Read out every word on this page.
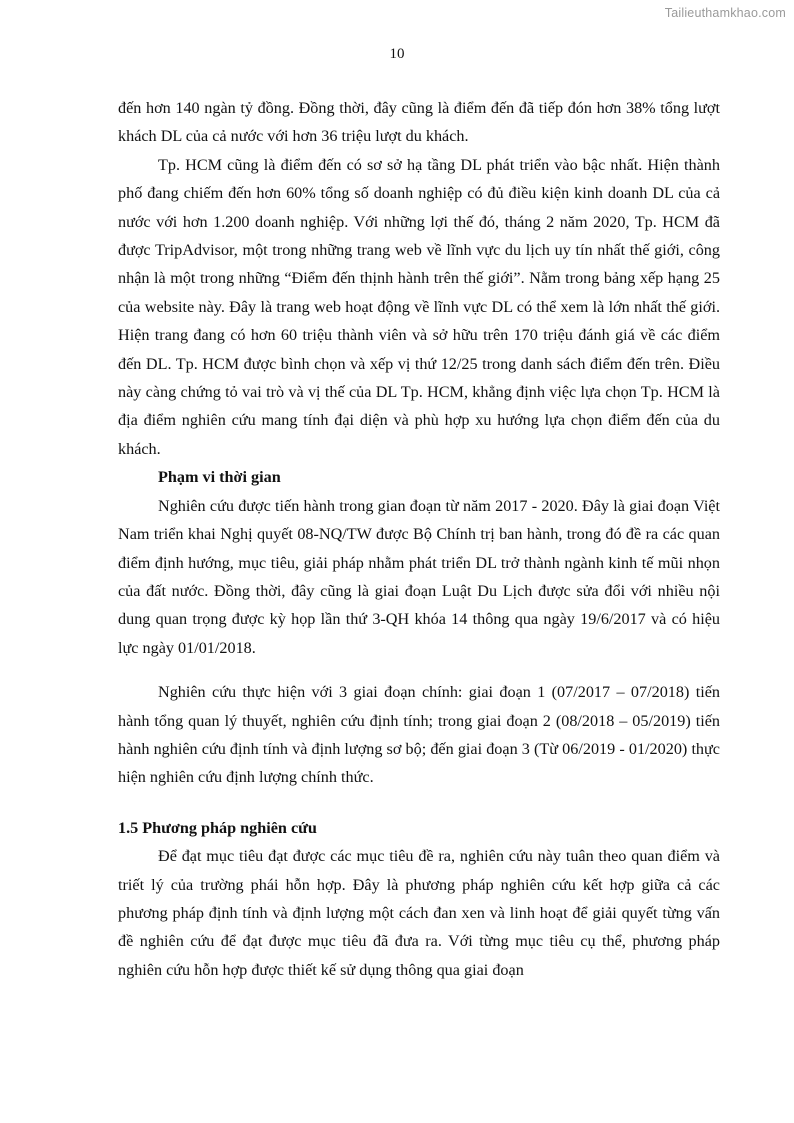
Tailieuthamkhao.com
10

đến hơn 140 ngàn tỷ đồng. Đồng thời, đây cũng là điểm đến đã tiếp đón hơn 38% tổng lượt khách DL của cả nước với hơn 36 triệu lượt du khách.

Tp. HCM cũng là điểm đến có sơ sở hạ tầng DL phát triển vào bậc nhất. Hiện thành phố đang chiếm đến hơn 60% tổng số doanh nghiệp có đủ điều kiện kinh doanh DL của cả nước với hơn 1.200 doanh nghiệp. Với những lợi thế đó, tháng 2 năm 2020, Tp. HCM đã được TripAdvisor, một trong những trang web về lĩnh vực du lịch uy tín nhất thế giới, công nhận là một trong những “Điểm đến thịnh hành trên thế giới”. Nằm trong bảng xếp hạng 25 của website này. Đây là trang web hoạt động về lĩnh vực DL có thể xem là lớn nhất thế giới. Hiện trang đang có hơn 60 triệu thành viên và sở hữu trên 170 triệu đánh giá về các điểm đến DL. Tp. HCM được bình chọn và xếp vị thứ 12/25 trong danh sách điểm đến trên. Điều này càng chứng tỏ vai trò và vị thế của DL Tp. HCM, khẳng định việc lựa chọn Tp. HCM là địa điểm nghiên cứu mang tính đại diện và phù hợp xu hướng lựa chọn điểm đến của du khách.

Phạm vi thời gian

Nghiên cứu được tiến hành trong gian đoạn từ năm 2017 - 2020. Đây là giai đoạn Việt Nam triển khai Nghị quyết 08-NQ/TW được Bộ Chính trị ban hành, trong đó đề ra các quan điểm định hướng, mục tiêu, giải pháp nhằm phát triển DL trở thành ngành kinh tế mũi nhọn của đất nước. Đồng thời, đây cũng là giai đoạn Luật Du Lịch được sửa đổi với nhiều nội dung quan trọng được kỳ họp lần thứ 3-QH khóa 14 thông qua ngày 19/6/2017 và có hiệu lực ngày 01/01/2018.

Nghiên cứu thực hiện với 3 giai đoạn chính: giai đoạn 1 (07/2017 – 07/2018) tiến hành tổng quan lý thuyết, nghiên cứu định tính; trong giai đoạn 2 (08/2018 – 05/2019) tiến hành nghiên cứu định tính và định lượng sơ bộ; đến giai đoạn 3 (Từ 06/2019 - 01/2020) thực hiện nghiên cứu định lượng chính thức.

1.5 Phương pháp nghiên cứu

Để đạt mục tiêu đạt được các mục tiêu đề ra, nghiên cứu này tuân theo quan điểm và triết lý của trường phái hỗn hợp. Đây là phương pháp nghiên cứu kết hợp giữa cả các phương pháp định tính và định lượng một cách đan xen và linh hoạt để giải quyết từng vấn đề nghiên cứu để đạt được mục tiêu đã đưa ra. Với từng mục tiêu cụ thể, phương pháp nghiên cứu hỗn hợp được thiết kế sử dụng thông qua giai đoạn
